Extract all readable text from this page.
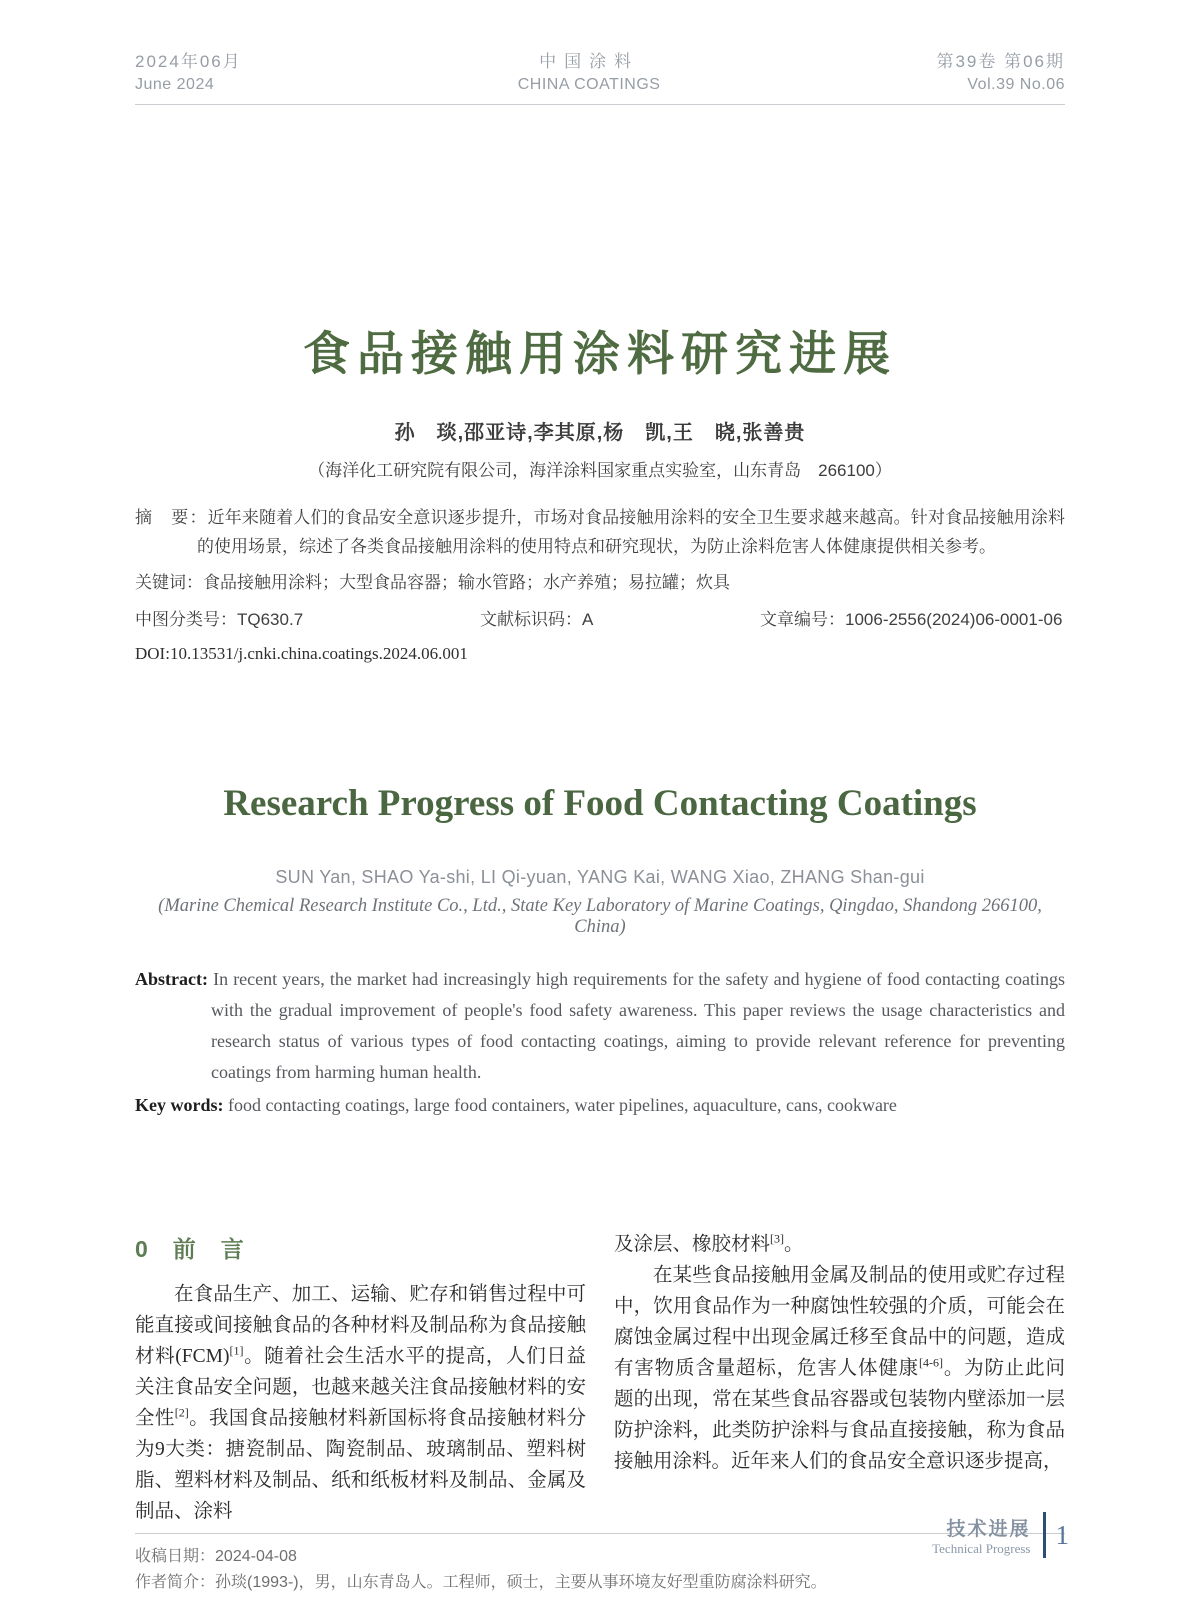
2024年06月
June 2024
中国涂料
CHINA COATINGS
第39卷 第06期
Vol.39 No.06
食品接触用涂料研究进展
孙　琰,邵亚诗,李其原,杨　凯,王　晓,张善贵
（海洋化工研究院有限公司，海洋涂料国家重点实验室，山东青岛　266100）

摘　要：近年来随着人们的食品安全意识逐步提升，市场对食品接触用涂料的安全卫生要求越来越高。针对食品接触用涂料的使用场景，综述了各类食品接触用涂料的使用特点和研究现状，为防止涂料危害人体健康提供相关参考。

关键词：食品接触用涂料；大型食品容器；输水管路；水产养殖；易拉罐；炊具

中图分类号：TQ630.7	文献标识码：A	文章编号：1006-2556(2024)06-0001-06
DOI:10.13531/j.cnki.china.coatings.2024.06.001
Research Progress of Food Contacting Coatings
SUN Yan, SHAO Ya-shi, LI Qi-yuan, YANG Kai, WANG Xiao, ZHANG Shan-gui
(Marine Chemical Research Institute Co., Ltd., State Key Laboratory of Marine Coatings, Qingdao, Shandong 266100, China)

Abstract: In recent years, the market had increasingly high requirements for the safety and hygiene of food contacting coatings with the gradual improvement of people's food safety awareness. This paper reviews the usage characteristics and research status of various types of food contacting coatings, aiming to provide relevant reference for preventing coatings from harming human health.

Key words: food contacting coatings, large food containers, water pipelines, aquaculture, cans, cookware

0　前　言

在食品生产、加工、运输、贮存和销售过程中可能直接或间接触食品的各种材料及制品称为食品接触材料(FCM)[1]。随着社会生活水平的提高，人们日益关注食品安全问题，也越来越关注食品接触材料的安全性[2]。我国食品接触材料新国标将食品接触材料分为9大类：搪瓷制品、陶瓷制品、玻璃制品、塑料树脂、塑料材料及制品、纸和纸板材料及制品、金属及制品、涂料

及涂层、橡胶材料[3]。

在某些食品接触用金属及制品的使用或贮存过程中，饮用食品作为一种腐蚀性较强的介质，可能会在腐蚀金属过程中出现金属迁移至食品中的问题，造成有害物质含量超标，危害人体健康[4-6]。为防止此问题的出现，常在某些食品容器或包装物内壁添加一层防护涂料，此类防护涂料与食品直接接触，称为食品接触用涂料。近年来人们的食品安全意识逐步提高，

收稿日期：2024-04-08
作者简介：孙琰(1993-)，男，山东青岛人。工程师，硕士，主要从事环境友好型重防腐涂料研究。
技术进展
Technical Progress 1
